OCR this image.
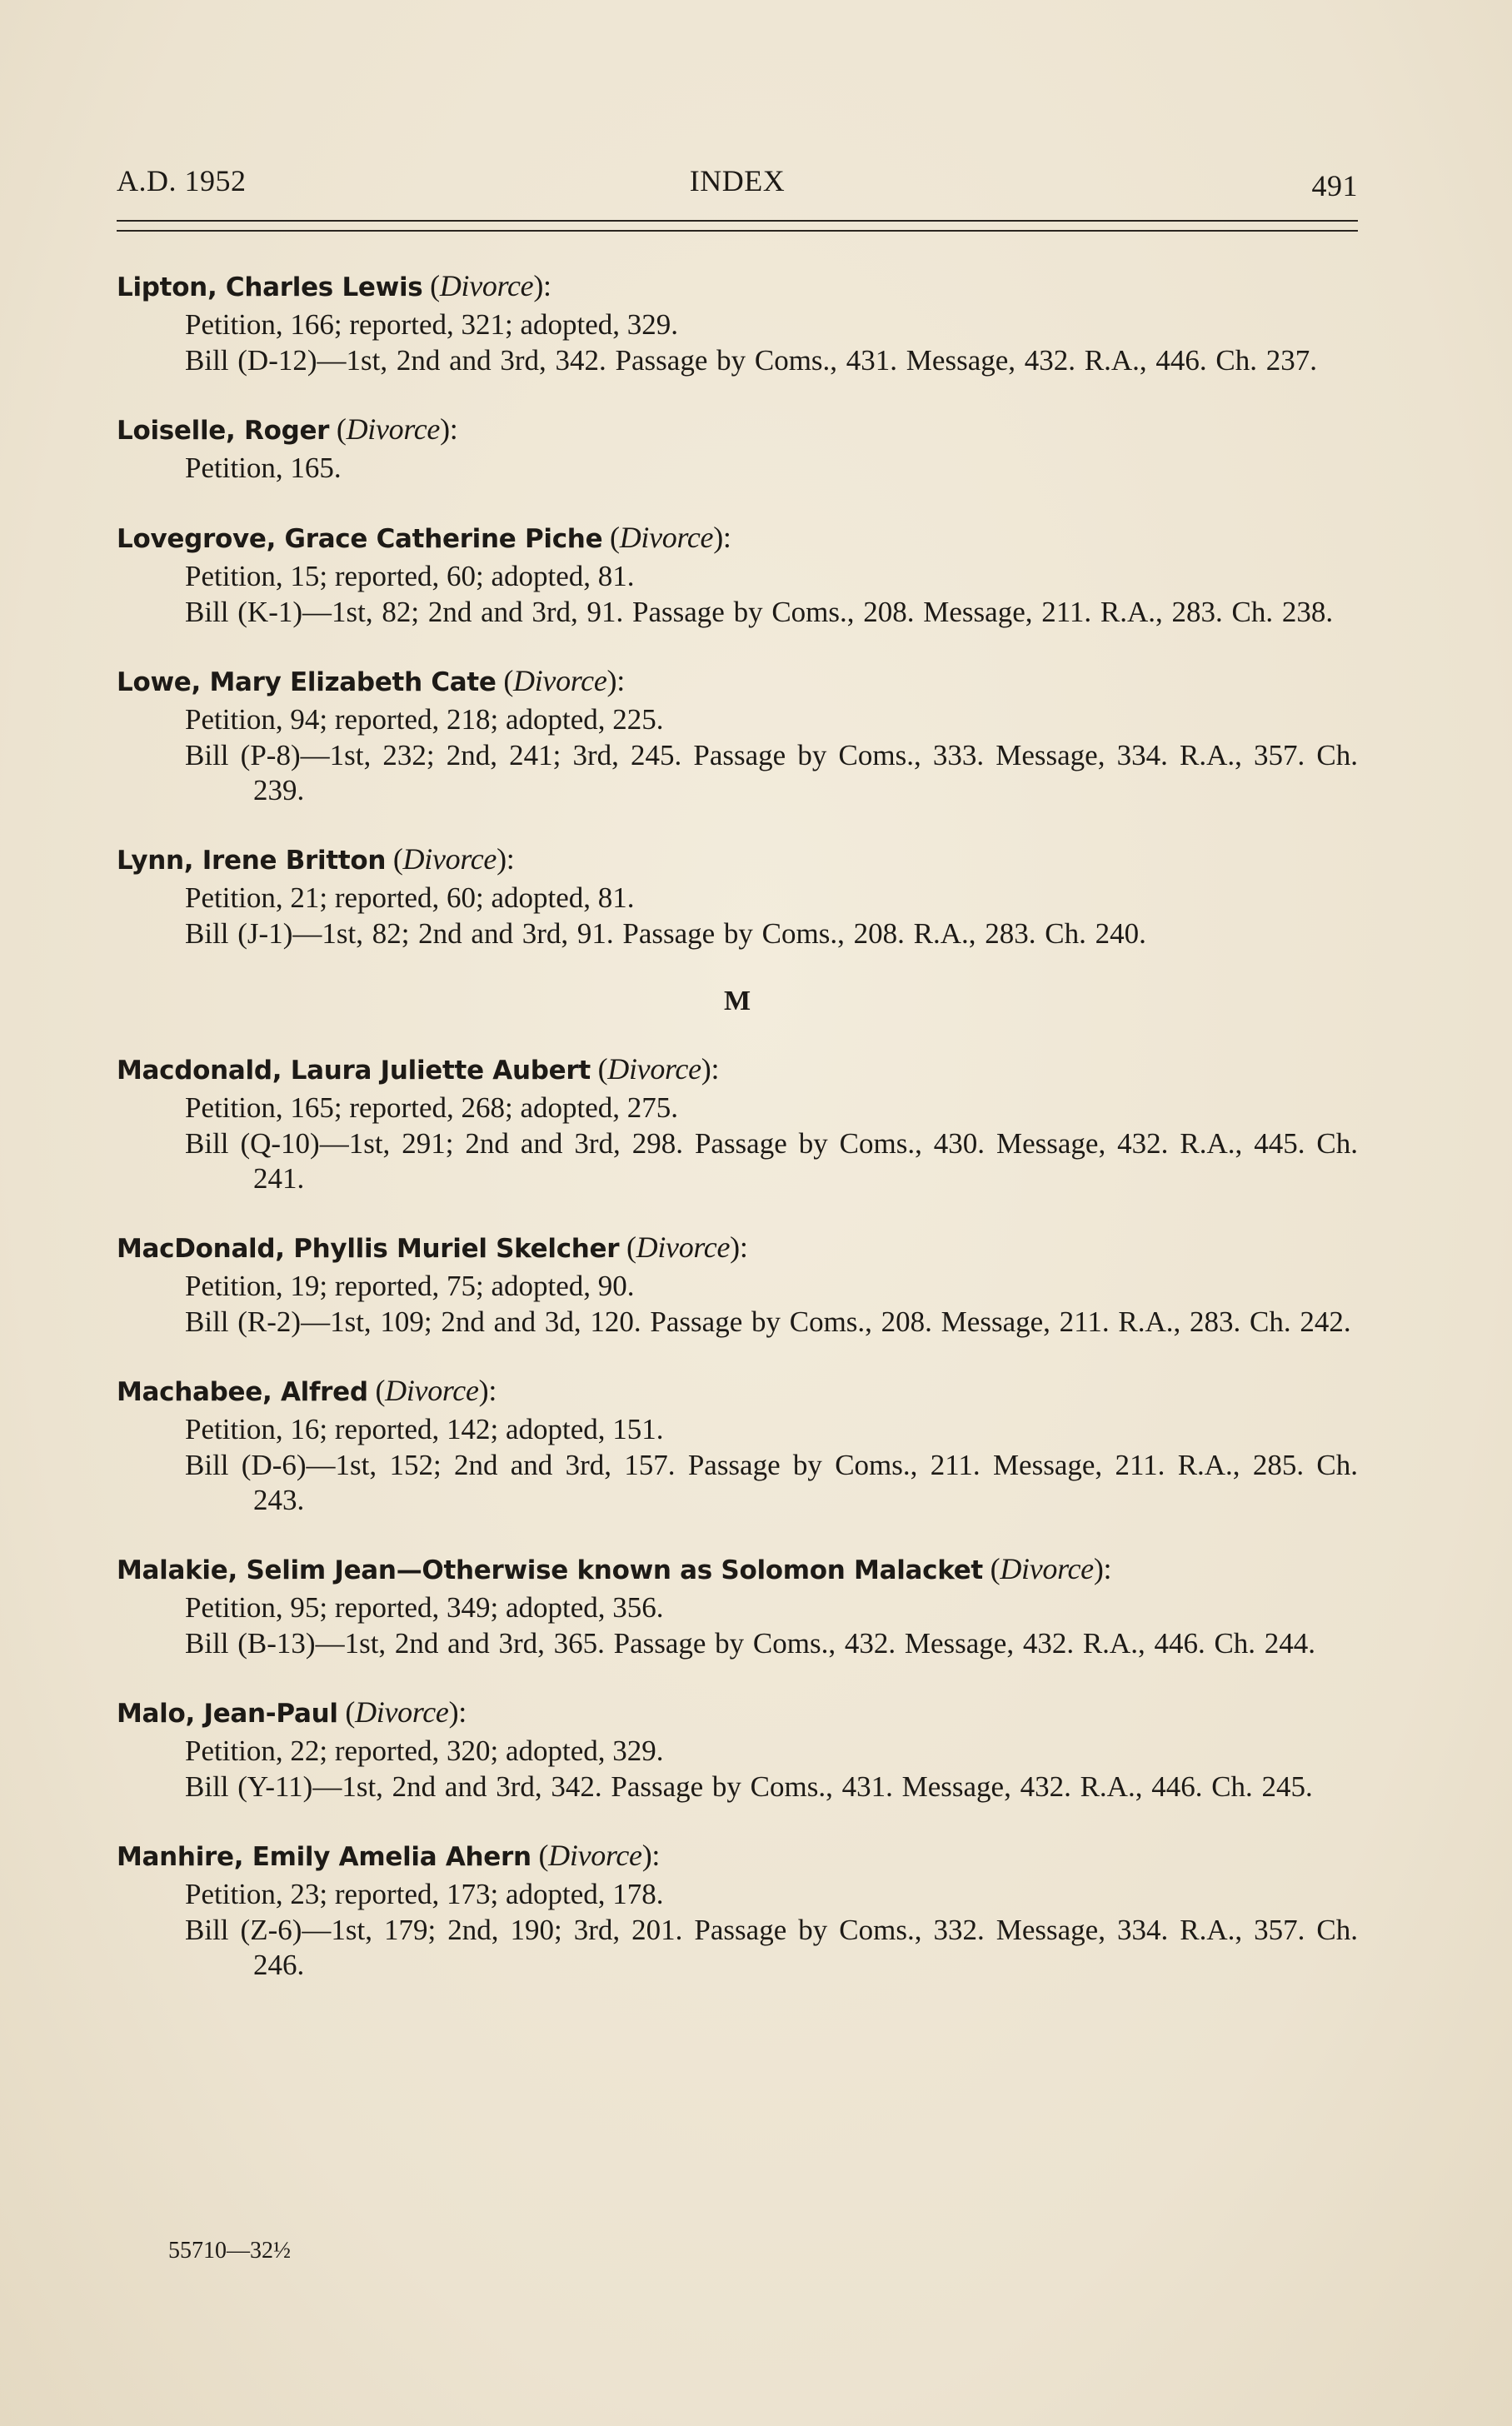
A.D. 1952	INDEX	491
Lipton, Charles Lewis (Divorce):
Petition, 166; reported, 321; adopted, 329.
Bill (D-12)—1st, 2nd and 3rd, 342. Passage by Coms., 431. Message, 432. R.A., 446. Ch. 237.
Loiselle, Roger (Divorce):
Petition, 165.
Lovegrove, Grace Catherine Piche (Divorce):
Petition, 15; reported, 60; adopted, 81.
Bill (K-1)—1st, 82; 2nd and 3rd, 91. Passage by Coms., 208. Message, 211. R.A., 283. Ch. 238.
Lowe, Mary Elizabeth Cate (Divorce):
Petition, 94; reported, 218; adopted, 225.
Bill (P-8)—1st, 232; 2nd, 241; 3rd, 245. Passage by Coms., 333. Message, 334. R.A., 357. Ch. 239.
Lynn, Irene Britton (Divorce):
Petition, 21; reported, 60; adopted, 81.
Bill (J-1)—1st, 82; 2nd and 3rd, 91. Passage by Coms., 208. R.A., 283. Ch. 240.
M
Macdonald, Laura Juliette Aubert (Divorce):
Petition, 165; reported, 268; adopted, 275.
Bill (Q-10)—1st, 291; 2nd and 3rd, 298. Passage by Coms., 430. Message, 432. R.A., 445. Ch. 241.
MacDonald, Phyllis Muriel Skelcher (Divorce):
Petition, 19; reported, 75; adopted, 90.
Bill (R-2)—1st, 109; 2nd and 3d, 120. Passage by Coms., 208. Message, 211. R.A., 283. Ch. 242.
Machabee, Alfred (Divorce):
Petition, 16; reported, 142; adopted, 151.
Bill (D-6)—1st, 152; 2nd and 3rd, 157. Passage by Coms., 211. Message, 211. R.A., 285. Ch. 243.
Malakie, Selim Jean—Otherwise known as Solomon Malacket (Divorce):
Petition, 95; reported, 349; adopted, 356.
Bill (B-13)—1st, 2nd and 3rd, 365. Passage by Coms., 432. Message, 432. R.A., 446. Ch. 244.
Malo, Jean-Paul (Divorce):
Petition, 22; reported, 320; adopted, 329.
Bill (Y-11)—1st, 2nd and 3rd, 342. Passage by Coms., 431. Message, 432. R.A., 446. Ch. 245.
Manhire, Emily Amelia Ahern (Divorce):
Petition, 23; reported, 173; adopted, 178.
Bill (Z-6)—1st, 179; 2nd, 190; 3rd, 201. Passage by Coms., 332. Message, 334. R.A., 357. Ch. 246.
55710—32½
